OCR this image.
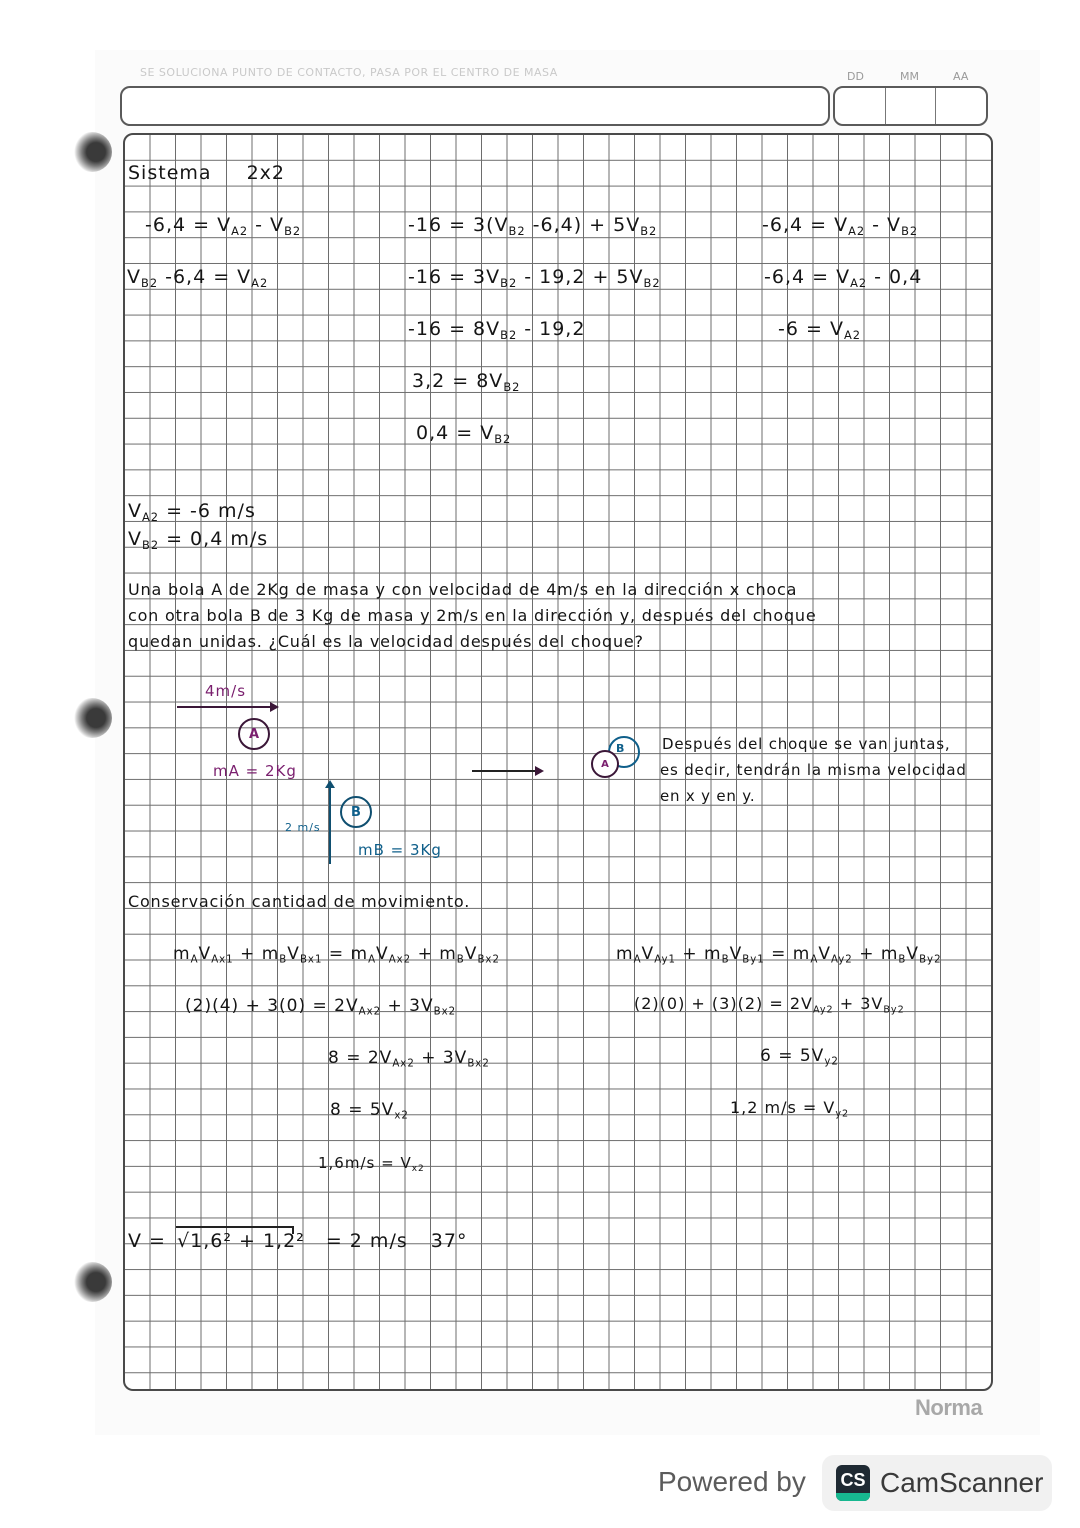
SE SOLUCIONA PUNTO DE CONTACTO, PASA POR EL CENTRO DE MASA	DD	MM	AA
Sistema 2x2
$-6,4 = V_{A2} - V_{B2}$
$V_{B2}$ $-6,4 = V_{A2}$
$-16 = 3(V_{B2}$ $-6,4) + 5V_{B2}$
$-16 = 3V_{B2} - 19,2 + 5V_{B2}$
$-16 = 8V_{B2} - 19,2$
$3,2 = 8V_{B2}$
$0,4 = V_{B2}$
$-6,4 = V_{A2} - V_{B2}$
$-6,4 = V_{A2} - 0,4$
$-6 = V_{A2}$
$V_{A2} = -6$ m/s
$V_{B2} = 0,4$ m/s
Una bola A de 2Kg de masa y con velocidad de 4m/s en la dirección x choca
con otra bola B de 3 Kg de masa y 2m/s en la dirección y, después del choque
quedan unidas. ¿Cuál es la velocidad después del choque?
4m/s
A
mA = 2Kg
2 m/s
B
mB = 3Kg
B
A
Después del choque se van juntas,
es decir, tendrán la misma velocidad
en x y en y.
Conservación cantidad de movimiento.
$m_AV_{Ax1} + m_BV_{Bx1} = m_AV_{Ax2} + m_BV_{Bx2}$
$(2)(4) + 3(0) = 2V_{Ax2} + 3V_{Bx2}$
$8 = 2V_{Ax2} + 3V_{Bx2}$
$8 = 5V_{x2}$
$1,6m/s = V_{x2}$
$m_AV_{Ay1} + m_BV_{By1} = m_AV_{Ay2} + m_BV_{By2}$
$(2)(0) + (3)(2) = 2V_{Ay2} + 3V_{By2}$
$6 = 5V_{y2}$
1,2 $m/s = V_{y2}$
V = √1,6² + 1,2² = 2 m/s 37°
Norma
Powered by CS CamScanner
